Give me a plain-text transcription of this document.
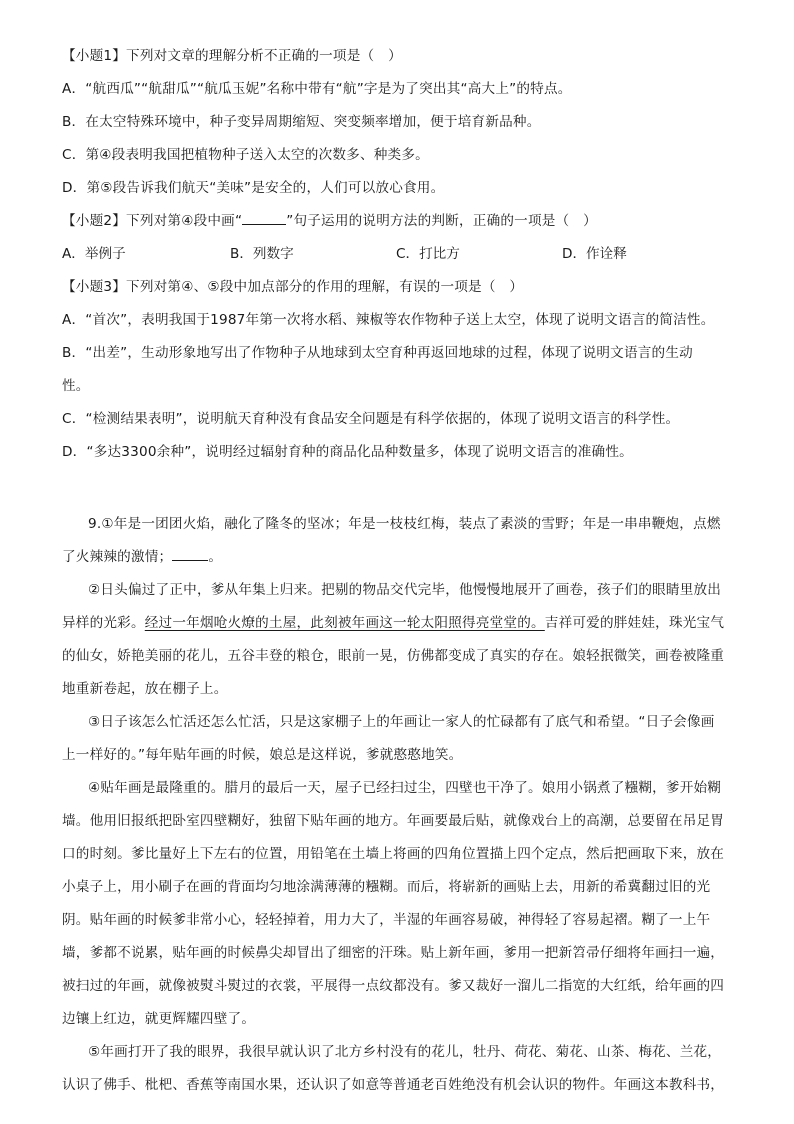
【小题1】下列对文章的理解分析不正确的一项是（　）
A．“航西瓜”“航甜瓜”“航瓜玉妮”名称中带有“航”字是为了突出其“高大上”的特点。
B．在太空特殊环境中，种子变异周期缩短、突变频率增加，便于培育新品种。
C．第④段表明我国把植物种子送入太空的次数多、种类多。
D．第⑤段告诉我们航天“美味”是安全的，人们可以放心食用。
【小题2】下列对第④段中画“	”句子运用的说明方法的判断，正确的一项是（　）
A．举例子	B．列数字	C．打比方	D．作诠释
【小题3】下列对第④、⑤段中加点部分的作用的理解，有误的一项是（　）
A．“首次”，表明我国于1987年第一次将水稻、辣椒等农作物种子送上太空，体现了说明文语言的简洁性。
B．“出差”，生动形象地写出了作物种子从地球到太空育种再返回地球的过程，体现了说明文语言的生动
性。
C．“检测结果表明”，说明航天育种没有食品安全问题是有科学依据的，体现了说明文语言的科学性。
D．“多达3300余种”，说明经过辐射育种的商品化品种数量多，体现了说明文语言的准确性。
9.①年是一团团火焰，融化了隆冬的坚冰；年是一枝枝红梅，装点了素淡的雪野；年是一串串鞭炮，点燃
了火辣辣的激情；	。
②日头偏过了正中，爹从年集上归来。把剔的物品交代完毕，他慢慢地展开了画卷，孩子们的眼睛里放出
异样的光彩。经过一年烟呛火燎的土屋，此刻被年画这一轮太阳照得亮堂堂的。吉祥可爱的胖娃娃，珠光宝气
的仙女，娇艳美丽的花儿，五谷丰登的粮仓，眼前一晃，仿佛都变成了真实的存在。娘轻抿微笑，画卷被隆重
地重新卷起，放在棚子上。
③日子该怎么忙活还怎么忙活，只是这家棚子上的年画让一家人的忙碌都有了底气和希望。“日子会像画
上一样好的。”每年贴年画的时候，娘总是这样说，爹就憨憨地笑。
④贴年画是最隆重的。腊月的最后一天，屋子已经扫过尘，四壁也干净了。娘用小锅煮了糨糊，爹开始糊
墙。他用旧报纸把卧室四壁糊好，独留下贴年画的地方。年画要最后贴，就像戏台上的高潮，总要留在吊足胃
口的时刻。爹比量好上下左右的位置，用铅笔在土墙上将画的四角位置描上四个定点，然后把画取下来，放在
小桌子上，用小刷子在画的背面均匀地涂满薄薄的糨糊。而后，将崭新的画贴上去，用新的希冀翻过旧的光
阴。贴年画的时候爹非常小心，轻轻掉着，用力大了，半湿的年画容易破，神得轻了容易起褶。糊了一上午
墙，爹都不说累，贴年画的时候鼻尖却冒出了细密的汗珠。贴上新年画，爹用一把新笤帚仔细将年画扫一遍，
被扫过的年画，就像被熨斗熨过的衣裳，平展得一点纹都没有。爹又裁好一溜儿二指宽的大红纸，给年画的四
边镶上红边，就更辉耀四壁了。
⑤年画打开了我的眼界，我很早就认识了北方乡村没有的花儿，牡丹、荷花、菊花、山茶、梅花、兰花，
认识了佛手、枇杷、香蕉等南国水果，还认识了如意等普通老百姓绝没有机会认识的物件。年画这本教科书，
